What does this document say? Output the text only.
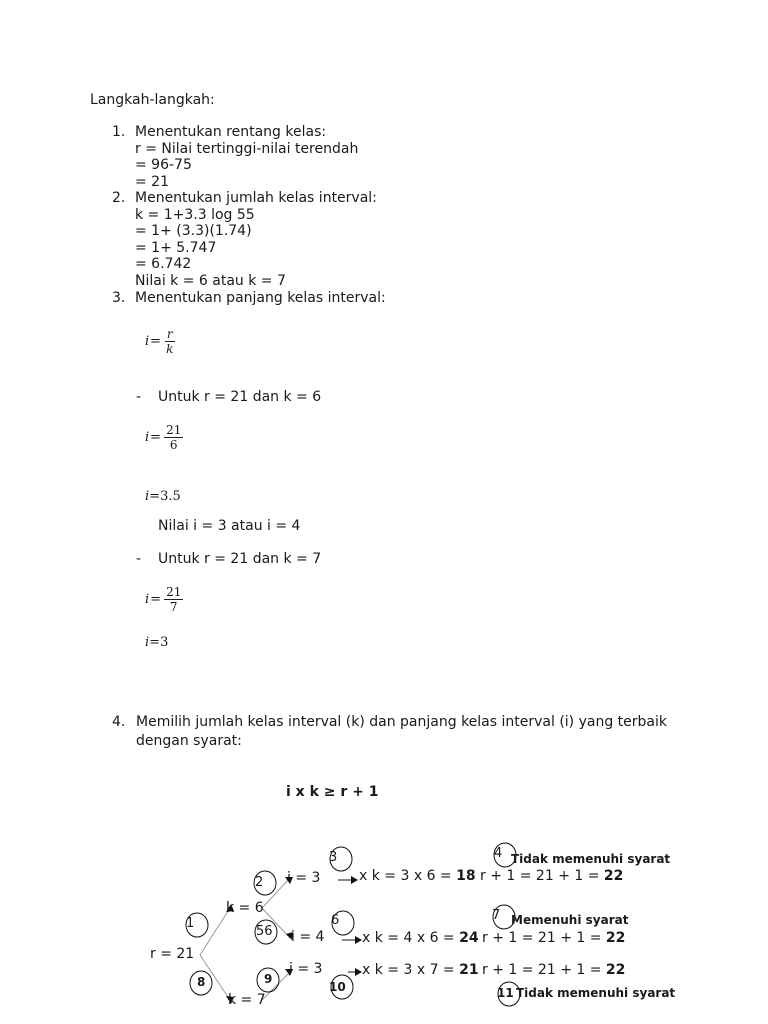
Langkah-langkah:
1. Menentukan rentang kelas:
r = Nilai tertinggi-nilai terendah
= 96-75
= 21
2. Menentukan jumlah kelas interval:
k = 1+3.3 log 55
= 1+ (3.3)(1.74)
= 1+ 5.747
= 6.742
Nilai k = 6 atau k = 7
3. Menentukan panjang kelas interval:
$i = \frac{r}{k}$
- Untuk r = 21 dan k = 6
$i = \frac{21}{6}$
i=3.5
Nilai i = 3 atau i = 4
- Untuk r = 21 dan k = 7
$i = \frac{21}{7}$
i=3
4. Memilih jumlah kelas interval (k) dan panjang kelas interval (i) yang terbaik
dengan syarat:
i x k ≥ r + 1
1
2
3	4
56
6	7
8	9
10	11
r = 21
k = 6
k = 7
i = 3
i = 4
i = 3
x k = 3 x 6 = 18
x k = 4 x 6 = 24
x k = 3 x 7 = 21
r + 1 = 21 + 1 = 22
r + 1 = 21 + 1 = 22
r + 1 = 21 + 1 = 22
Tidak memenuhi syarat
Memenuhi syarat
Tidak memenuhi syarat
